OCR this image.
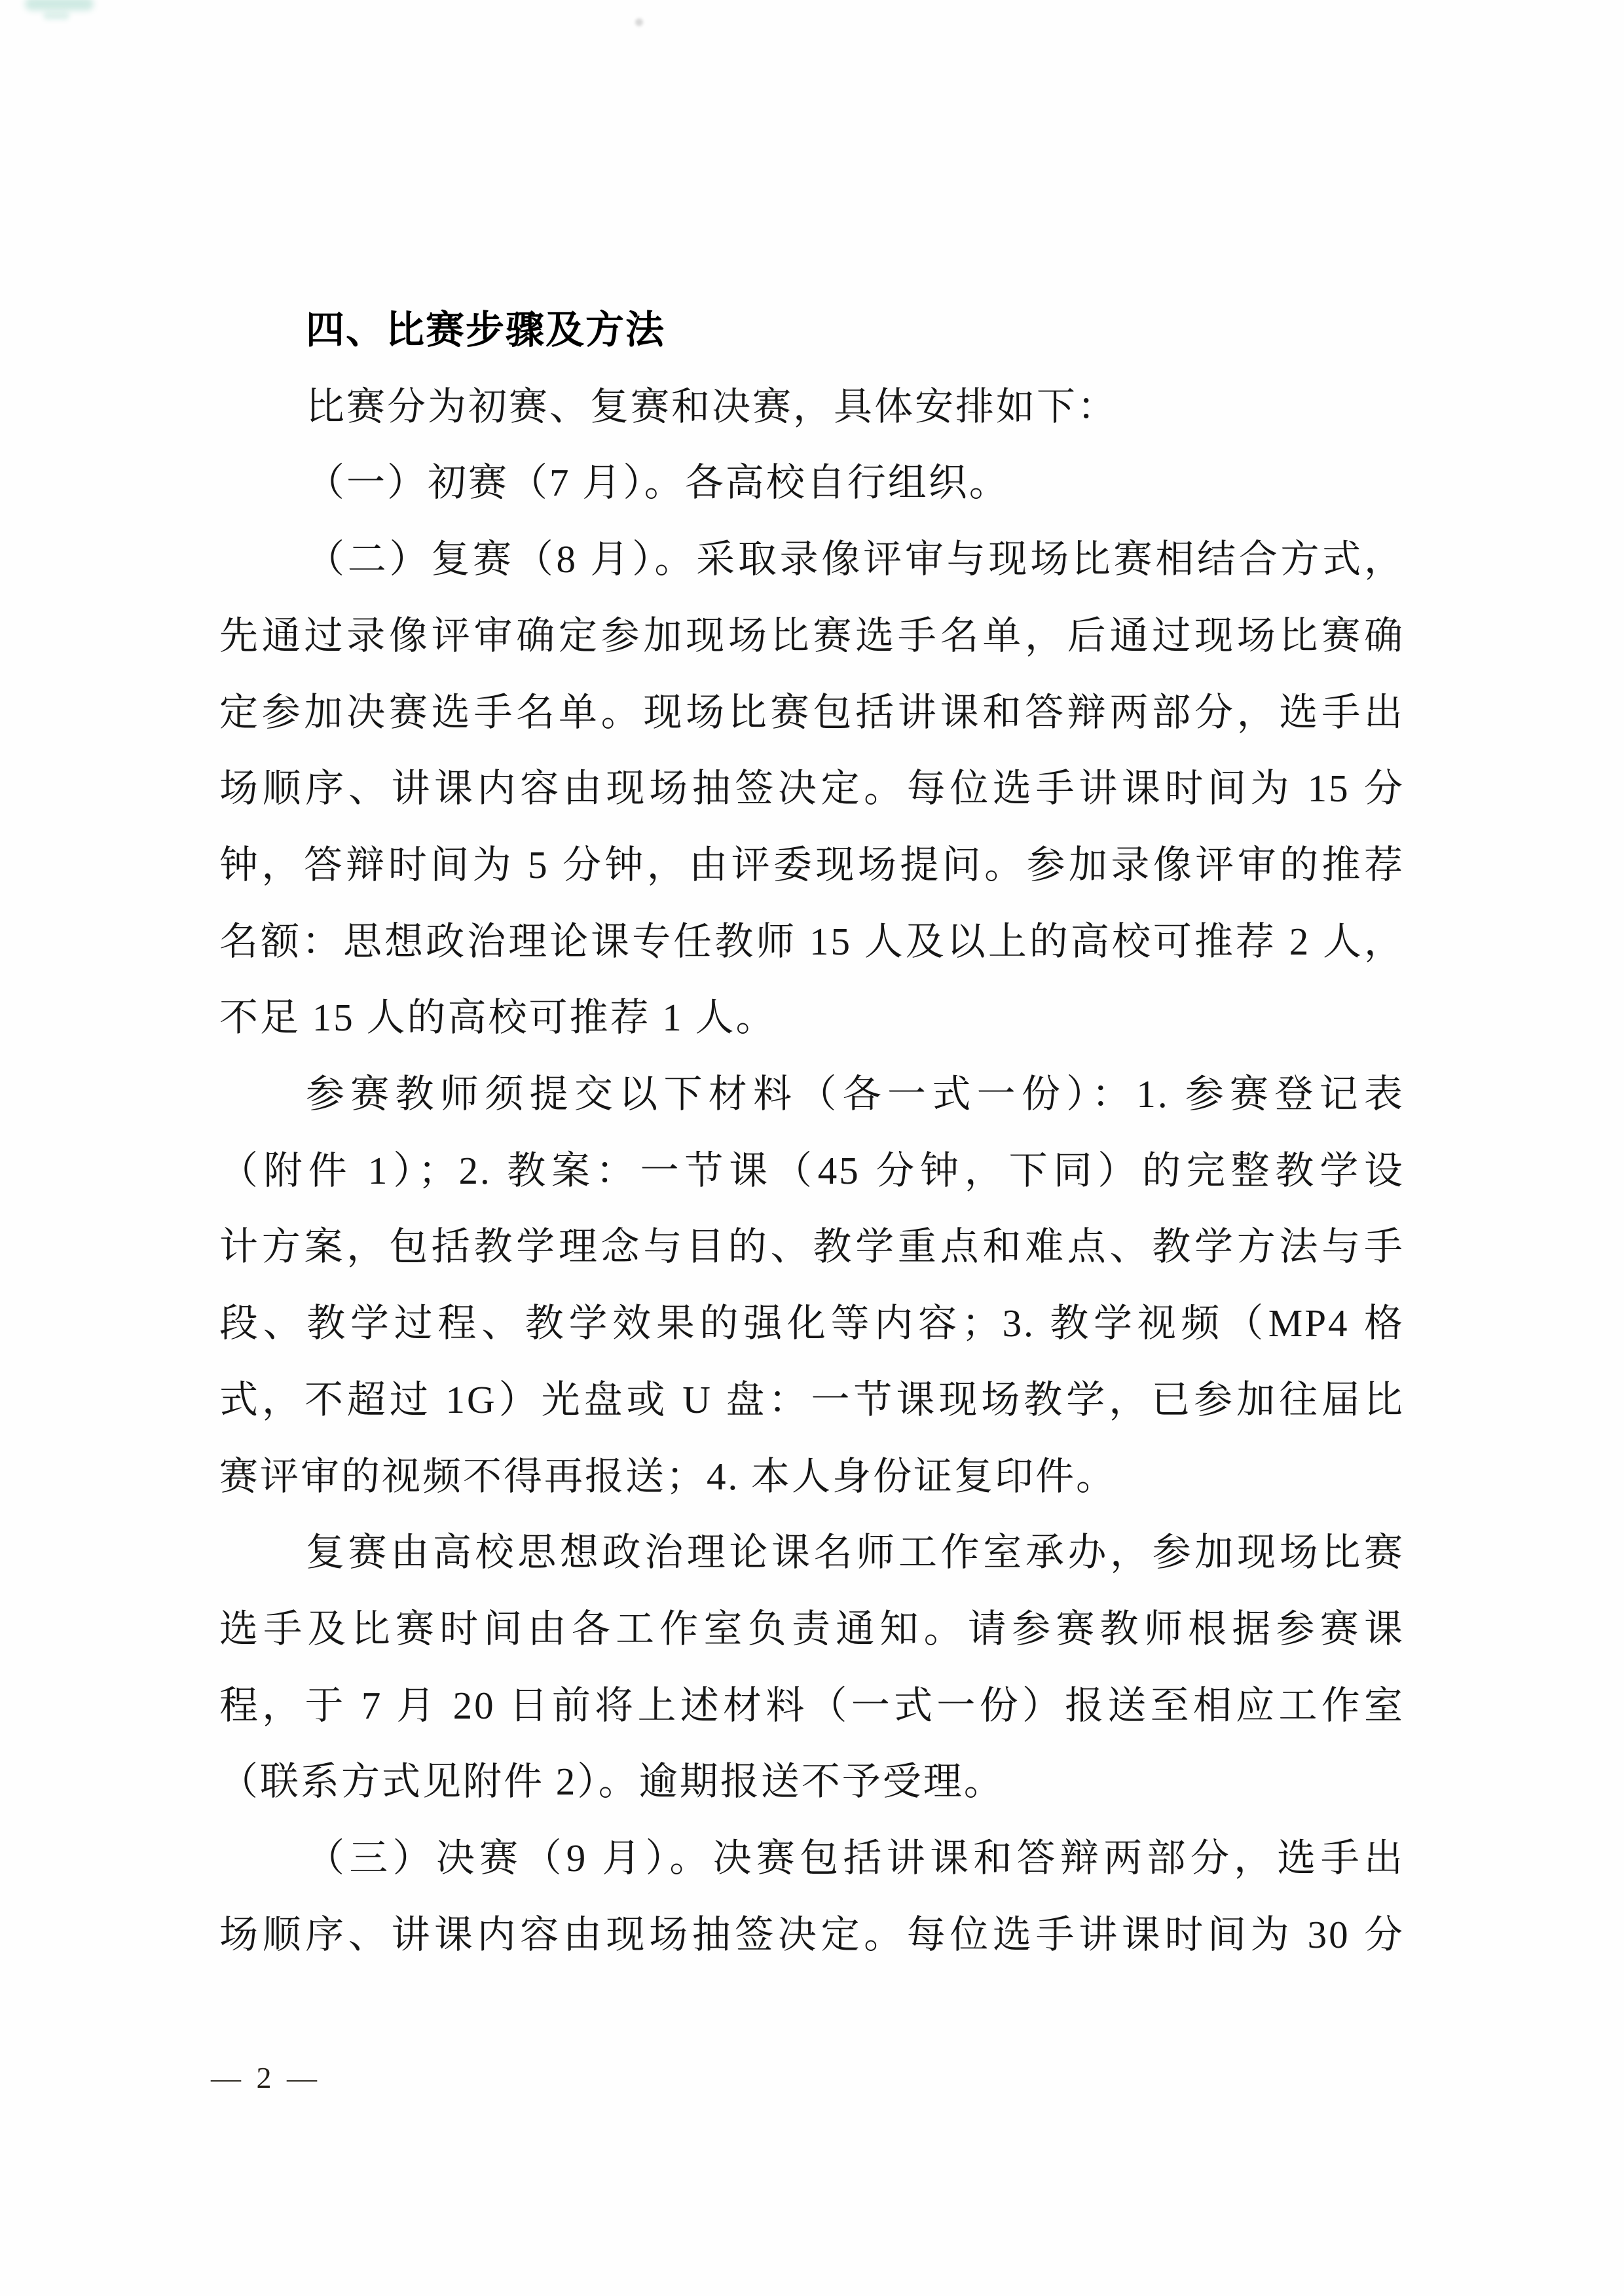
四、比赛步骤及方法
比赛分为初赛、复赛和决赛，具体安排如下：
（一）初赛（7 月）。各高校自行组织。
（二）复赛（8 月）。采取录像评审与现场比赛相结合方式，
先通过录像评审确定参加现场比赛选手名单，后通过现场比赛确
定参加决赛选手名单。现场比赛包括讲课和答辩两部分，选手出
场顺序、讲课内容由现场抽签决定。每位选手讲课时间为 15 分
钟，答辩时间为 5 分钟，由评委现场提问。参加录像评审的推荐
名额：思想政治理论课专任教师 15 人及以上的高校可推荐 2 人，
不足 15 人的高校可推荐 1 人。
参赛教师须提交以下材料（各一式一份）：1. 参赛登记表
（附件 1）；2. 教案：一节课（45 分钟，下同）的完整教学设
计方案，包括教学理念与目的、教学重点和难点、教学方法与手
段、教学过程、教学效果的强化等内容；3. 教学视频（MP4 格
式，不超过 1G）光盘或 U 盘：一节课现场教学，已参加往届比
赛评审的视频不得再报送；4. 本人身份证复印件。
复赛由高校思想政治理论课名师工作室承办，参加现场比赛
选手及比赛时间由各工作室负责通知。请参赛教师根据参赛课
程，于 7 月 20 日前将上述材料（一式一份）报送至相应工作室
（联系方式见附件 2）。逾期报送不予受理。
（三）决赛（9 月）。决赛包括讲课和答辩两部分，选手出
场顺序、讲课内容由现场抽签决定。每位选手讲课时间为 30 分
— 2 —
